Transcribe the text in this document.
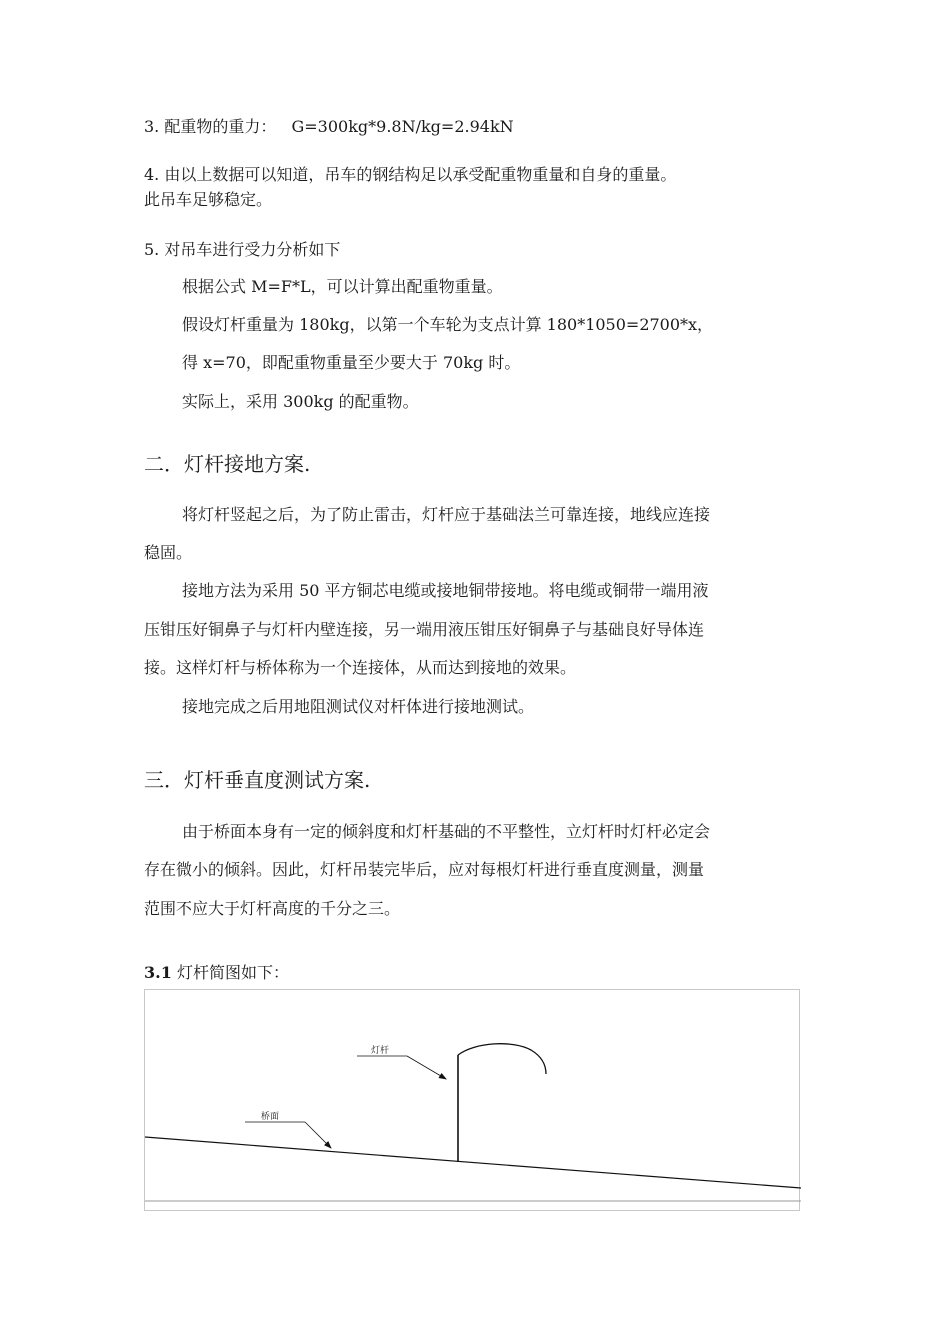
3. 配重物的重力： G=300kg*9.8N/kg=2.94kN
4. 由以上数据可以知道，吊车的钢结构足以承受配重物重量和自身的重量。
此吊车足够稳定。
5. 对吊车进行受力分析如下
根据公式 M=F*L，可以计算出配重物重量。
假设灯杆重量为 180kg，以第一个车轮为支点计算 180*1050=2700*x，
得 x=70，即配重物重量至少要大于 70kg 时。
实际上，采用 300kg 的配重物。
二．灯杆接地方案.
将灯杆竖起之后，为了防止雷击，灯杆应于基础法兰可靠连接，地线应连接
稳固。
接地方法为采用 50 平方铜芯电缆或接地铜带接地。将电缆或铜带一端用液
压钳压好铜鼻子与灯杆内壁连接，另一端用液压钳压好铜鼻子与基础良好导体连
接。这样灯杆与桥体称为一个连接体，从而达到接地的效果。
接地完成之后用地阻测试仪对杆体进行接地测试。
三．灯杆垂直度测试方案.
由于桥面本身有一定的倾斜度和灯杆基础的不平整性，立灯杆时灯杆必定会
存在微小的倾斜。因此，灯杆吊装完毕后，应对每根灯杆进行垂直度测量，测量
范围不应大于灯杆高度的千分之三。
3.1 灯杆简图如下：
灯杆
桥面
